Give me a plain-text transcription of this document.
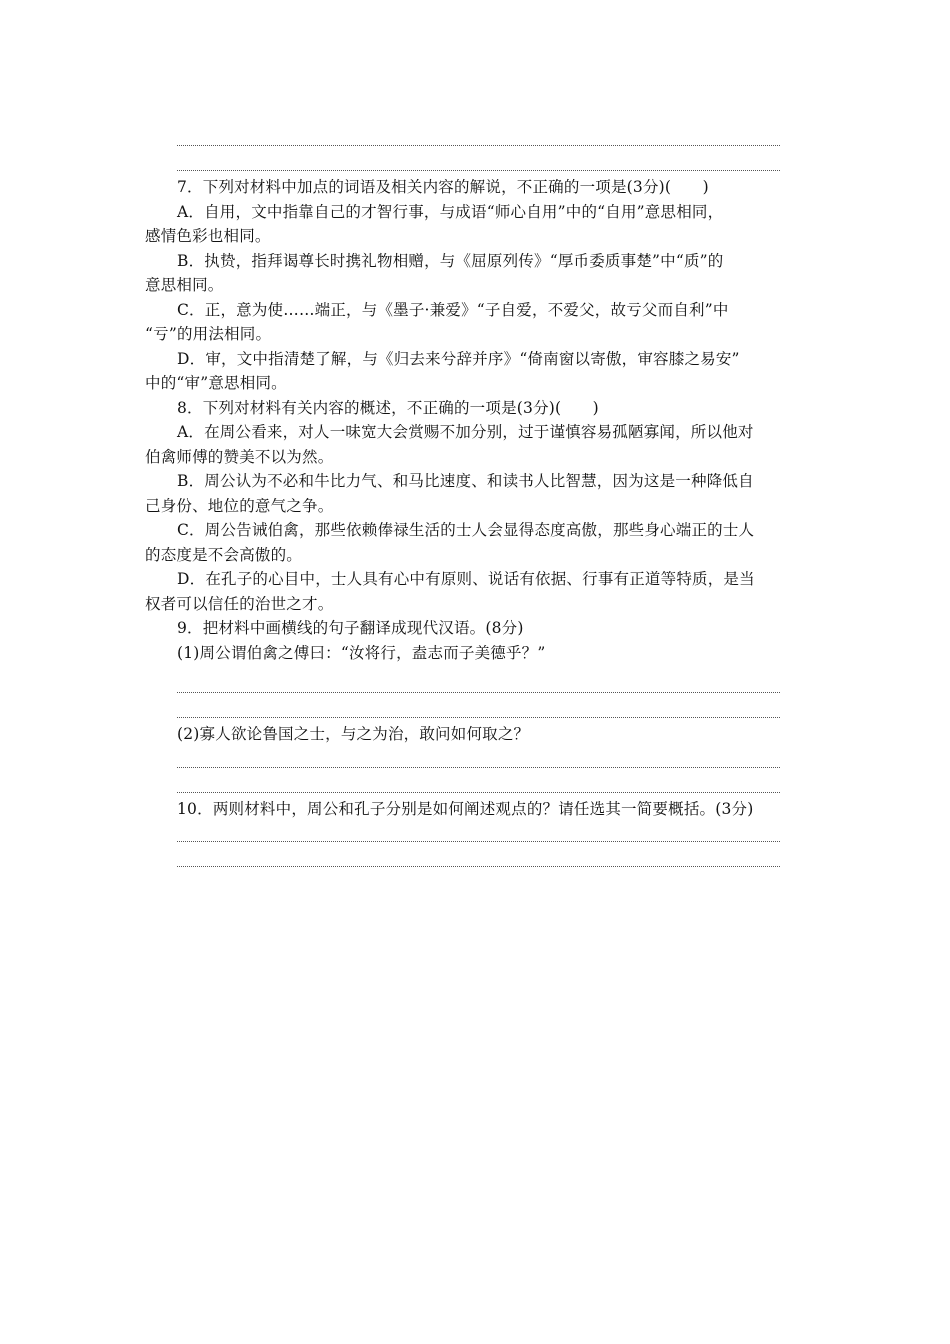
7．下列对材料中加点的词语及相关内容的解说，不正确的一项是(3分)(　　)
A．自用，文中指靠自己的才智行事，与成语“师心自用”中的“自用”意思相同，
感情色彩也相同。
B．执贽，指拜谒尊长时携礼物相赠，与《屈原列传》“厚币委质事楚”中“质”的
意思相同。
C．正，意为使……端正，与《墨子·兼爱》“子自爱，不爱父，故亏父而自利”中
“亏”的用法相同。
D．审，文中指清楚了解，与《归去来兮辞并序》“倚南窗以寄傲，审容膝之易安”
中的“审”意思相同。
8．下列对材料有关内容的概述，不正确的一项是(3分)(　　)
A．在周公看来，对人一味宽大会赏赐不加分别，过于谨慎容易孤陋寡闻，所以他对
伯禽师傅的赞美不以为然。
B．周公认为不必和牛比力气、和马比速度、和读书人比智慧，因为这是一种降低自
己身份、地位的意气之争。
C．周公告诫伯禽，那些依赖俸禄生活的士人会显得态度高傲，那些身心端正的士人
的态度是不会高傲的。
D．在孔子的心目中，士人具有心中有原则、说话有依据、行事有正道等特质，是当
权者可以信任的治世之才。
9．把材料中画横线的句子翻译成现代汉语。(8分)
(1)周公谓伯禽之傅曰：“汝将行，盍志而子美德乎？”
(2)寡人欲论鲁国之士，与之为治，敢问如何取之？
10．两则材料中，周公和孔子分别是如何阐述观点的？请任选其一简要概括。(3分)
